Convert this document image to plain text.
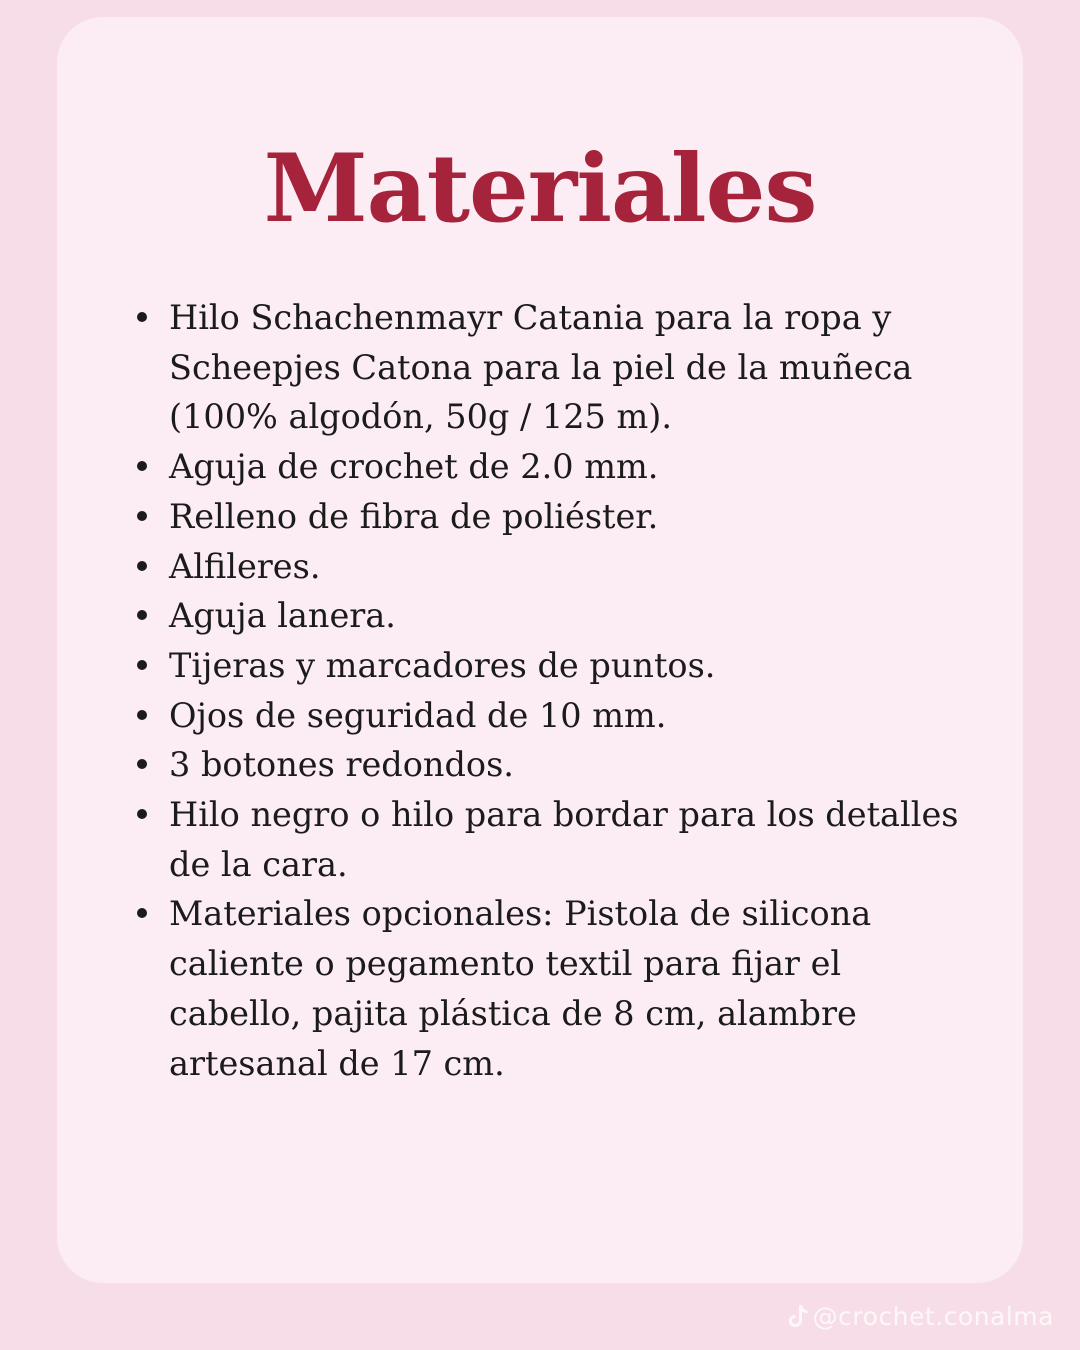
Materiales
Hilo Schachenmayr Catania para la ropa y Scheepjes Catona para la piel de la muñeca (100% algodón, 50g / 125 m).
Aguja de crochet de 2.0 mm.
Relleno de fibra de poliéster.
Alfileres.
Aguja lanera.
Tijeras y marcadores de puntos.
Ojos de seguridad de 10 mm.
3 botones redondos.
Hilo negro o hilo para bordar para los detalles de la cara.
Materiales opcionales: Pistola de silicona caliente o pegamento textil para fijar el cabello, pajita plástica de 8 cm, alambre artesanal de 17 cm.
@crochet.conalma
